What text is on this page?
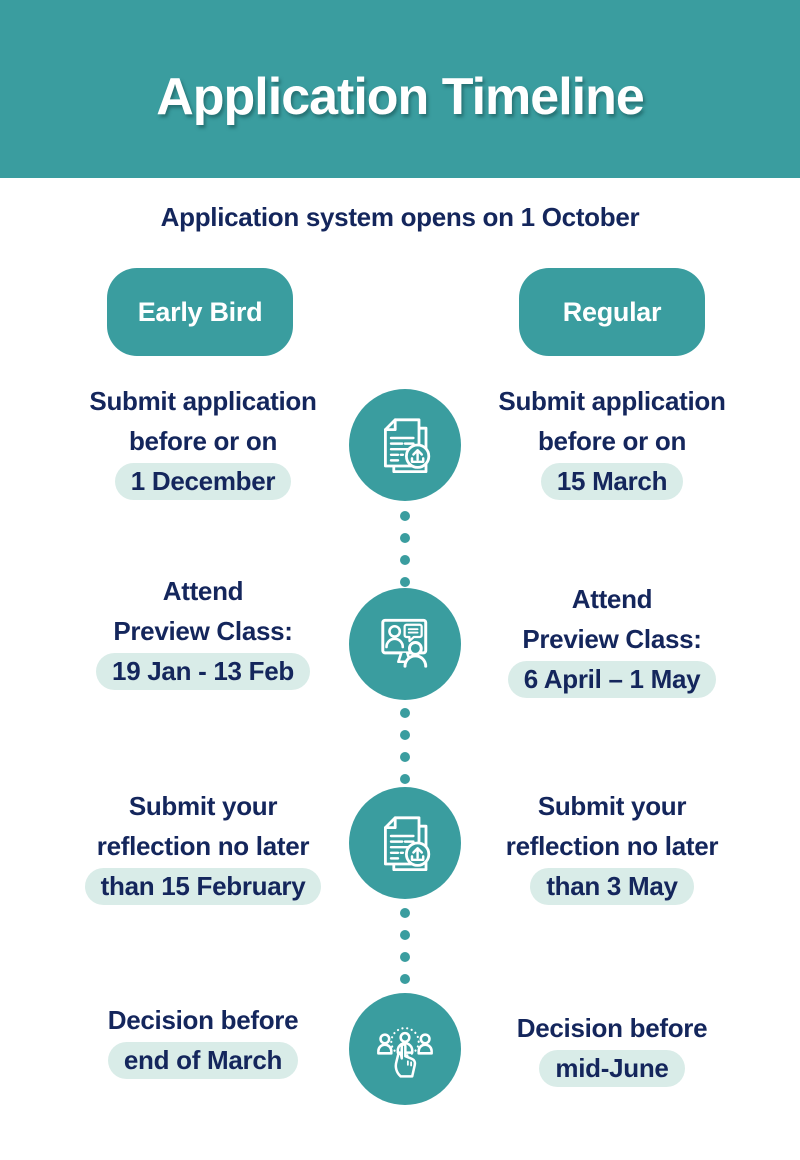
Application Timeline
Application system opens on 1 October
Early Bird	Regular
Submit application
before or on
1 December
Submit application
before or on
15 March
Attend
Preview Class:
19 Jan - 13 Feb
Attend
Preview Class:
6 April – 1 May
Submit your
reflection no later
than 15 February
Submit your
reflection no later
than 3 May
Decision before
end of March
Decision before
mid-June
